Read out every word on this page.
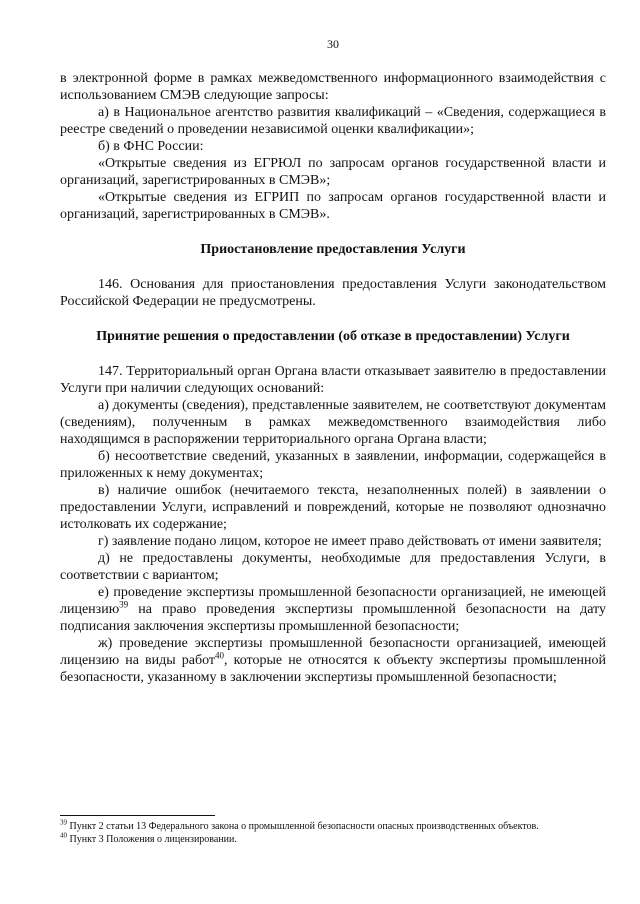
30

в электронной форме в рамках межведомственного информационного взаимодействия с использованием СМЭВ следующие запросы:

а) в Национальное агентство развития квалификаций – «Сведения, содержащиеся в реестре сведений о проведении независимой оценки квалификации»;

б) в ФНС России:

«Открытые сведения из ЕГРЮЛ по запросам органов государственной власти и организаций, зарегистрированных в СМЭВ»;

«Открытые сведения из ЕГРИП по запросам органов государственной власти и организаций, зарегистрированных в СМЭВ».

Приостановление предоставления Услуги

146. Основания для приостановления предоставления Услуги законодательством Российской Федерации не предусмотрены.

Принятие решения о предоставлении (об отказе в предоставлении) Услуги

147. Территориальный орган Органа власти отказывает заявителю в предоставлении Услуги при наличии следующих оснований:

а) документы (сведения), представленные заявителем, не соответствуют документам (сведениям), полученным в рамках межведомственного взаимодействия либо находящимся в распоряжении территориального органа Органа власти;

б) несоответствие сведений, указанных в заявлении, информации, содержащейся в приложенных к нему документах;

в) наличие ошибок (нечитаемого текста, незаполненных полей) в заявлении о предоставлении Услуги, исправлений и повреждений, которые не позволяют однозначно истолковать их содержание;

г) заявление подано лицом, которое не имеет право действовать от имени заявителя;

д) не предоставлены документы, необходимые для предоставления Услуги, в соответствии с вариантом;

е) проведение экспертизы промышленной безопасности организацией, не имеющей лицензию$^{39}$ на право проведения экспертизы промышленной безопасности на дату подписания заключения экспертизы промышленной безопасности;

ж) проведение экспертизы промышленной безопасности организацией, имеющей лицензию на виды работ$^{40}$, которые не относятся к объекту экспертизы промышленной безопасности, указанному в заключении экспертизы промышленной безопасности;

$^{39}$ Пункт 2 статьи 13 Федерального закона о промышленной безопасности опасных производственных объектов.

$^{40}$ Пункт 3 Положения о лицензировании.
